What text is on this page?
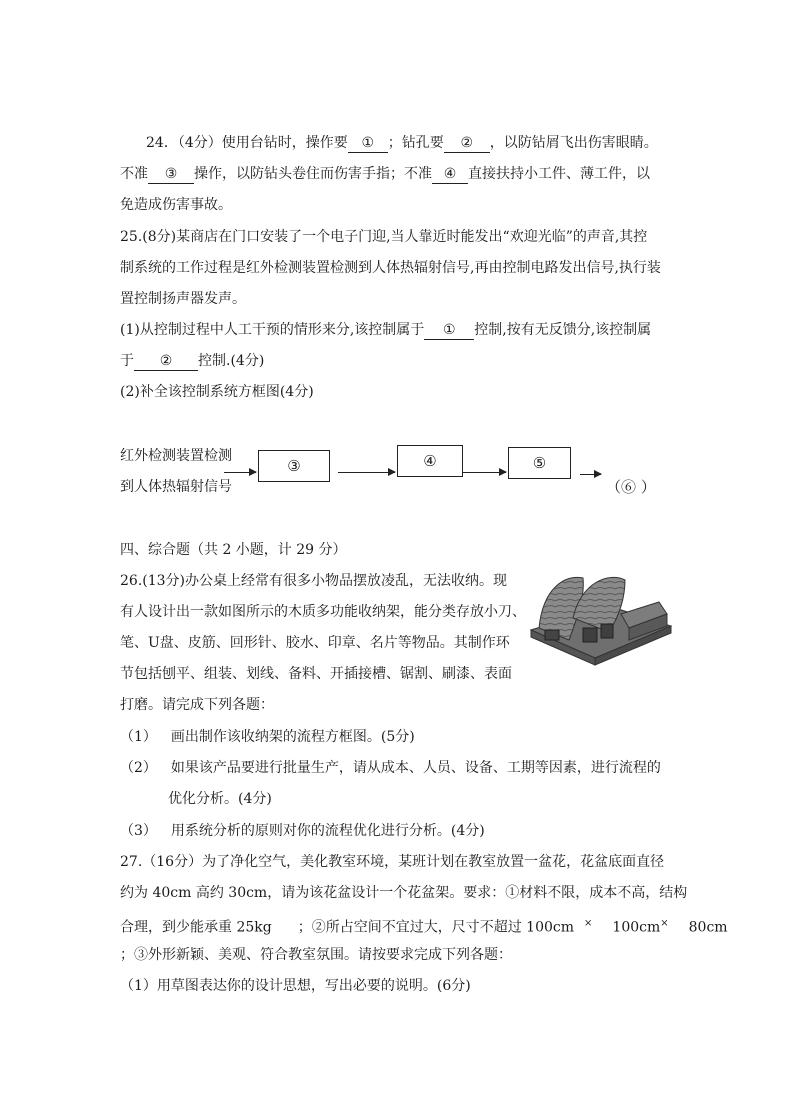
24．（4分）使用台钻时，操作要 ① ；钻孔要 ② ，以防钻屑飞出伤害眼睛。
不准 ③ 操作，以防钻头卷住而伤害手指；不准 ④ 直接扶持小工件、薄工件，以
免造成伤害事故。
25.(8分)某商店在门口安装了一个电子门迎,当人靠近时能发出“欢迎光临”的声音,其控
制系统的工作过程是红外检测装置检测到人体热辐射信号,再由控制电路发出信号,执行装
置控制扬声器发声。
(1)从控制过程中人工干预的情形来分,该控制属于 ① 控制,按有无反馈分,该控制属
于 ② 控制.(4分)
(2)补全该控制系统方框图(4分)
红外检测装置检测
到人体热辐射信号
③	④	⑤
（⑥ ）
四、综合题（共 2 小题，计 29 分）
26.(13分)办公桌上经常有很多小物品摆放凌乱，无法收纳。现
有人设计出一款如图所示的木质多功能收纳架，能分类存放小刀、
笔、U盘、皮筋、回形针、胶水、印章、名片等物品。其制作环
节包括刨平、组装、划线、备料、开插接槽、锯割、刷漆、表面
打磨。请完成下列各题：
（1） 画出制作该收纳架的流程方框图。(5分)
（2） 如果该产品要进行批量生产，请从成本、人员、设备、工期等因素，进行流程的
优化分析。(4分)
（3） 用系统分析的原则对你的流程优化进行分析。(4分)
27.（16分）为了净化空气，美化教室环境，某班计划在教室放置一盆花，花盆底面直径
约为 40cm 高约 30cm，请为该花盆设计一个花盆架。要求：①材料不限，成本不高，结构
合理，到少能承重 25kg ；②所占空间不宜过大，尺寸不超过 100cm × 100cm× 80cm
；③外形新颖、美观、符合教室氛围。请按要求完成下列各题：
（1）用草图表达你的设计思想，写出必要的说明。(6分)
